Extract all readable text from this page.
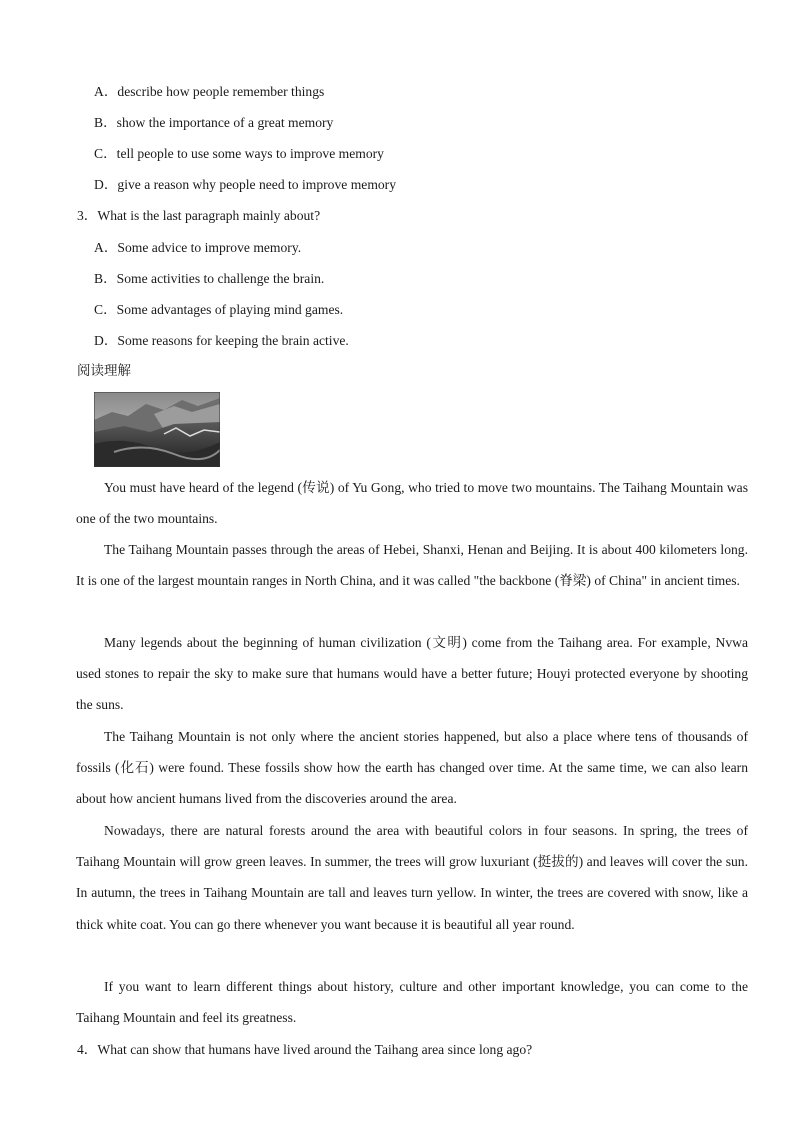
A．describe how people remember things
B．show the importance of a great memory
C．tell people to use some ways to improve memory
D．give a reason why people need to improve memory
3．What is the last paragraph mainly about?
A．Some advice to improve memory.
B．Some activities to challenge the brain.
C．Some advantages of playing mind games.
D．Some reasons for keeping the brain active.
阅读理解

You must have heard of the legend (传说) of Yu Gong, who tried to move two mountains. The Taihang Mountain was one of the two mountains.

The Taihang Mountain passes through the areas of Hebei, Shanxi, Henan and Beijing. It is about 400 kilometers long. It is one of the largest mountain ranges in North China, and it was called "the backbone (脊梁) of China" in ancient times.

Many legends about the beginning of human civilization (文明) come from the Taihang area. For example, Nvwa used stones to repair the sky to make sure that humans would have a better future; Houyi protected everyone by shooting the suns.

The Taihang Mountain is not only where the ancient stories happened, but also a place where tens of thousands of fossils (化石) were found. These fossils show how the earth has changed over time. At the same time, we can also learn about how ancient humans lived from the discoveries around the area.

Nowadays, there are natural forests around the area with beautiful colors in four seasons. In spring, the trees of Taihang Mountain will grow green leaves. In summer, the trees will grow luxuriant (挺拔的) and leaves will cover the sun. In autumn, the trees in Taihang Mountain are tall and leaves turn yellow. In winter, the trees are covered with snow, like a thick white coat. You can go there whenever you want because it is beautiful all year round.

If you want to learn different things about history, culture and other important knowledge, you can come to the Taihang Mountain and feel its greatness.

4．What can show that humans have lived around the Taihang area since long ago?
